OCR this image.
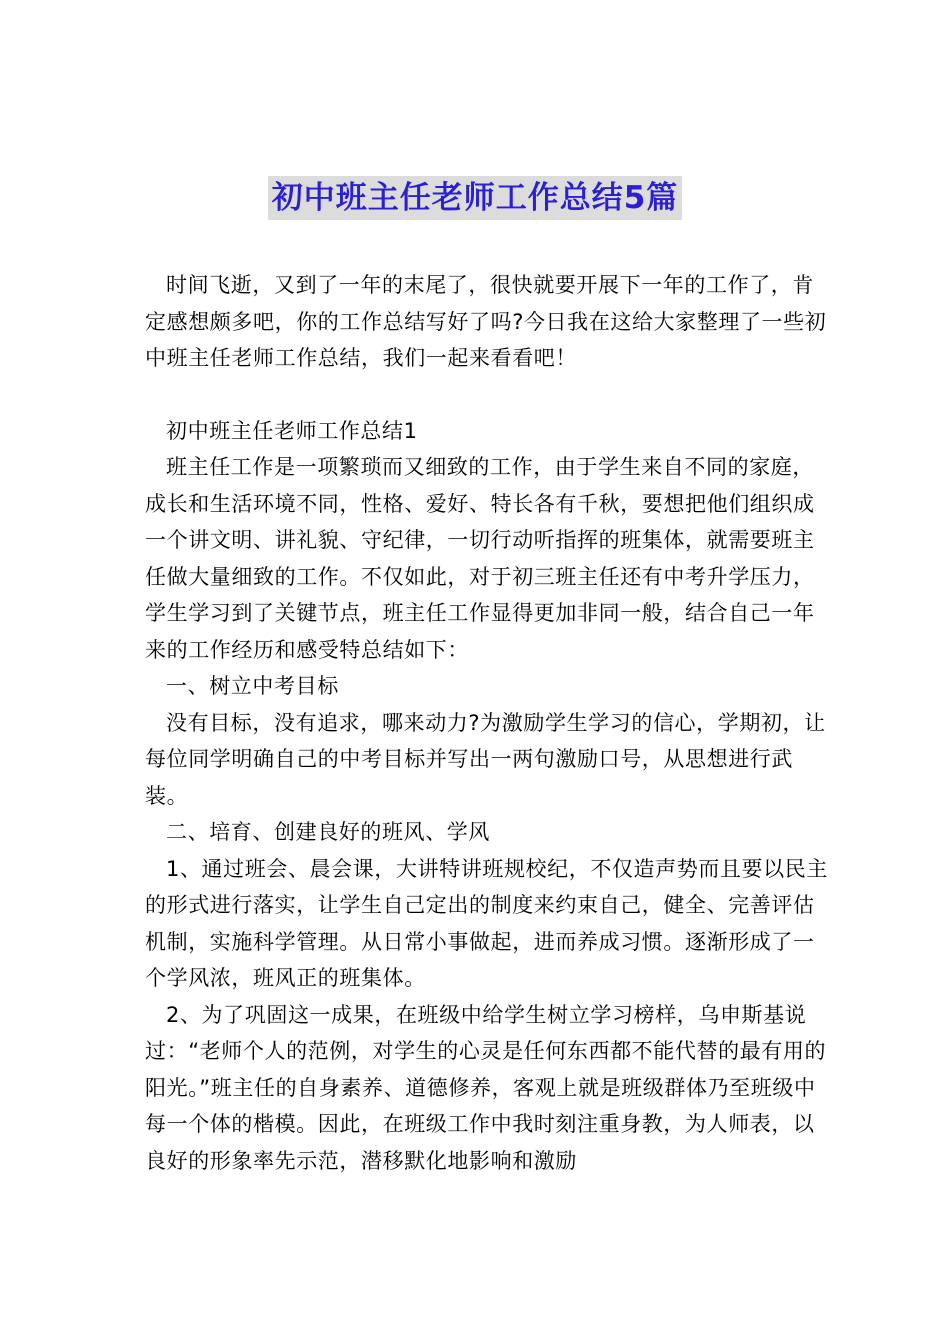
初中班主任老师工作总结5篇

时间飞逝，又到了一年的末尾了，很快就要开展下一年的工作了，肯定感想颇多吧，你的工作总结写好了吗?今日我在这给大家整理了一些初中班主任老师工作总结，我们一起来看看吧！

初中班主任老师工作总结1

班主任工作是一项繁琐而又细致的工作，由于学生来自不同的家庭，成长和生活环境不同，性格、爱好、特长各有千秋，要想把他们组织成一个讲文明、讲礼貌、守纪律，一切行动听指挥的班集体，就需要班主任做大量细致的工作。不仅如此，对于初三班主任还有中考升学压力，学生学习到了关键节点，班主任工作显得更加非同一般，结合自己一年来的工作经历和感受特总结如下：

一、树立中考目标

没有目标，没有追求，哪来动力?为激励学生学习的信心，学期初，让每位同学明确自己的中考目标并写出一两句激励口号，从思想进行武装。

二、培育、创建良好的班风、学风

1、通过班会、晨会课，大讲特讲班规校纪，不仅造声势而且要以民主的形式进行落实，让学生自己定出的制度来约束自己，健全、完善评估机制，实施科学管理。从日常小事做起，进而养成习惯。逐渐形成了一个学风浓，班风正的班集体。

2、为了巩固这一成果，在班级中给学生树立学习榜样，乌申斯基说过：“老师个人的范例，对学生的心灵是任何东西都不能代替的最有用的阳光。”班主任的自身素养、道德修养，客观上就是班级群体乃至班级中每一个体的楷模。因此，在班级工作中我时刻注重身教，为人师表，以良好的形象率先示范，潜移默化地影响和激励
